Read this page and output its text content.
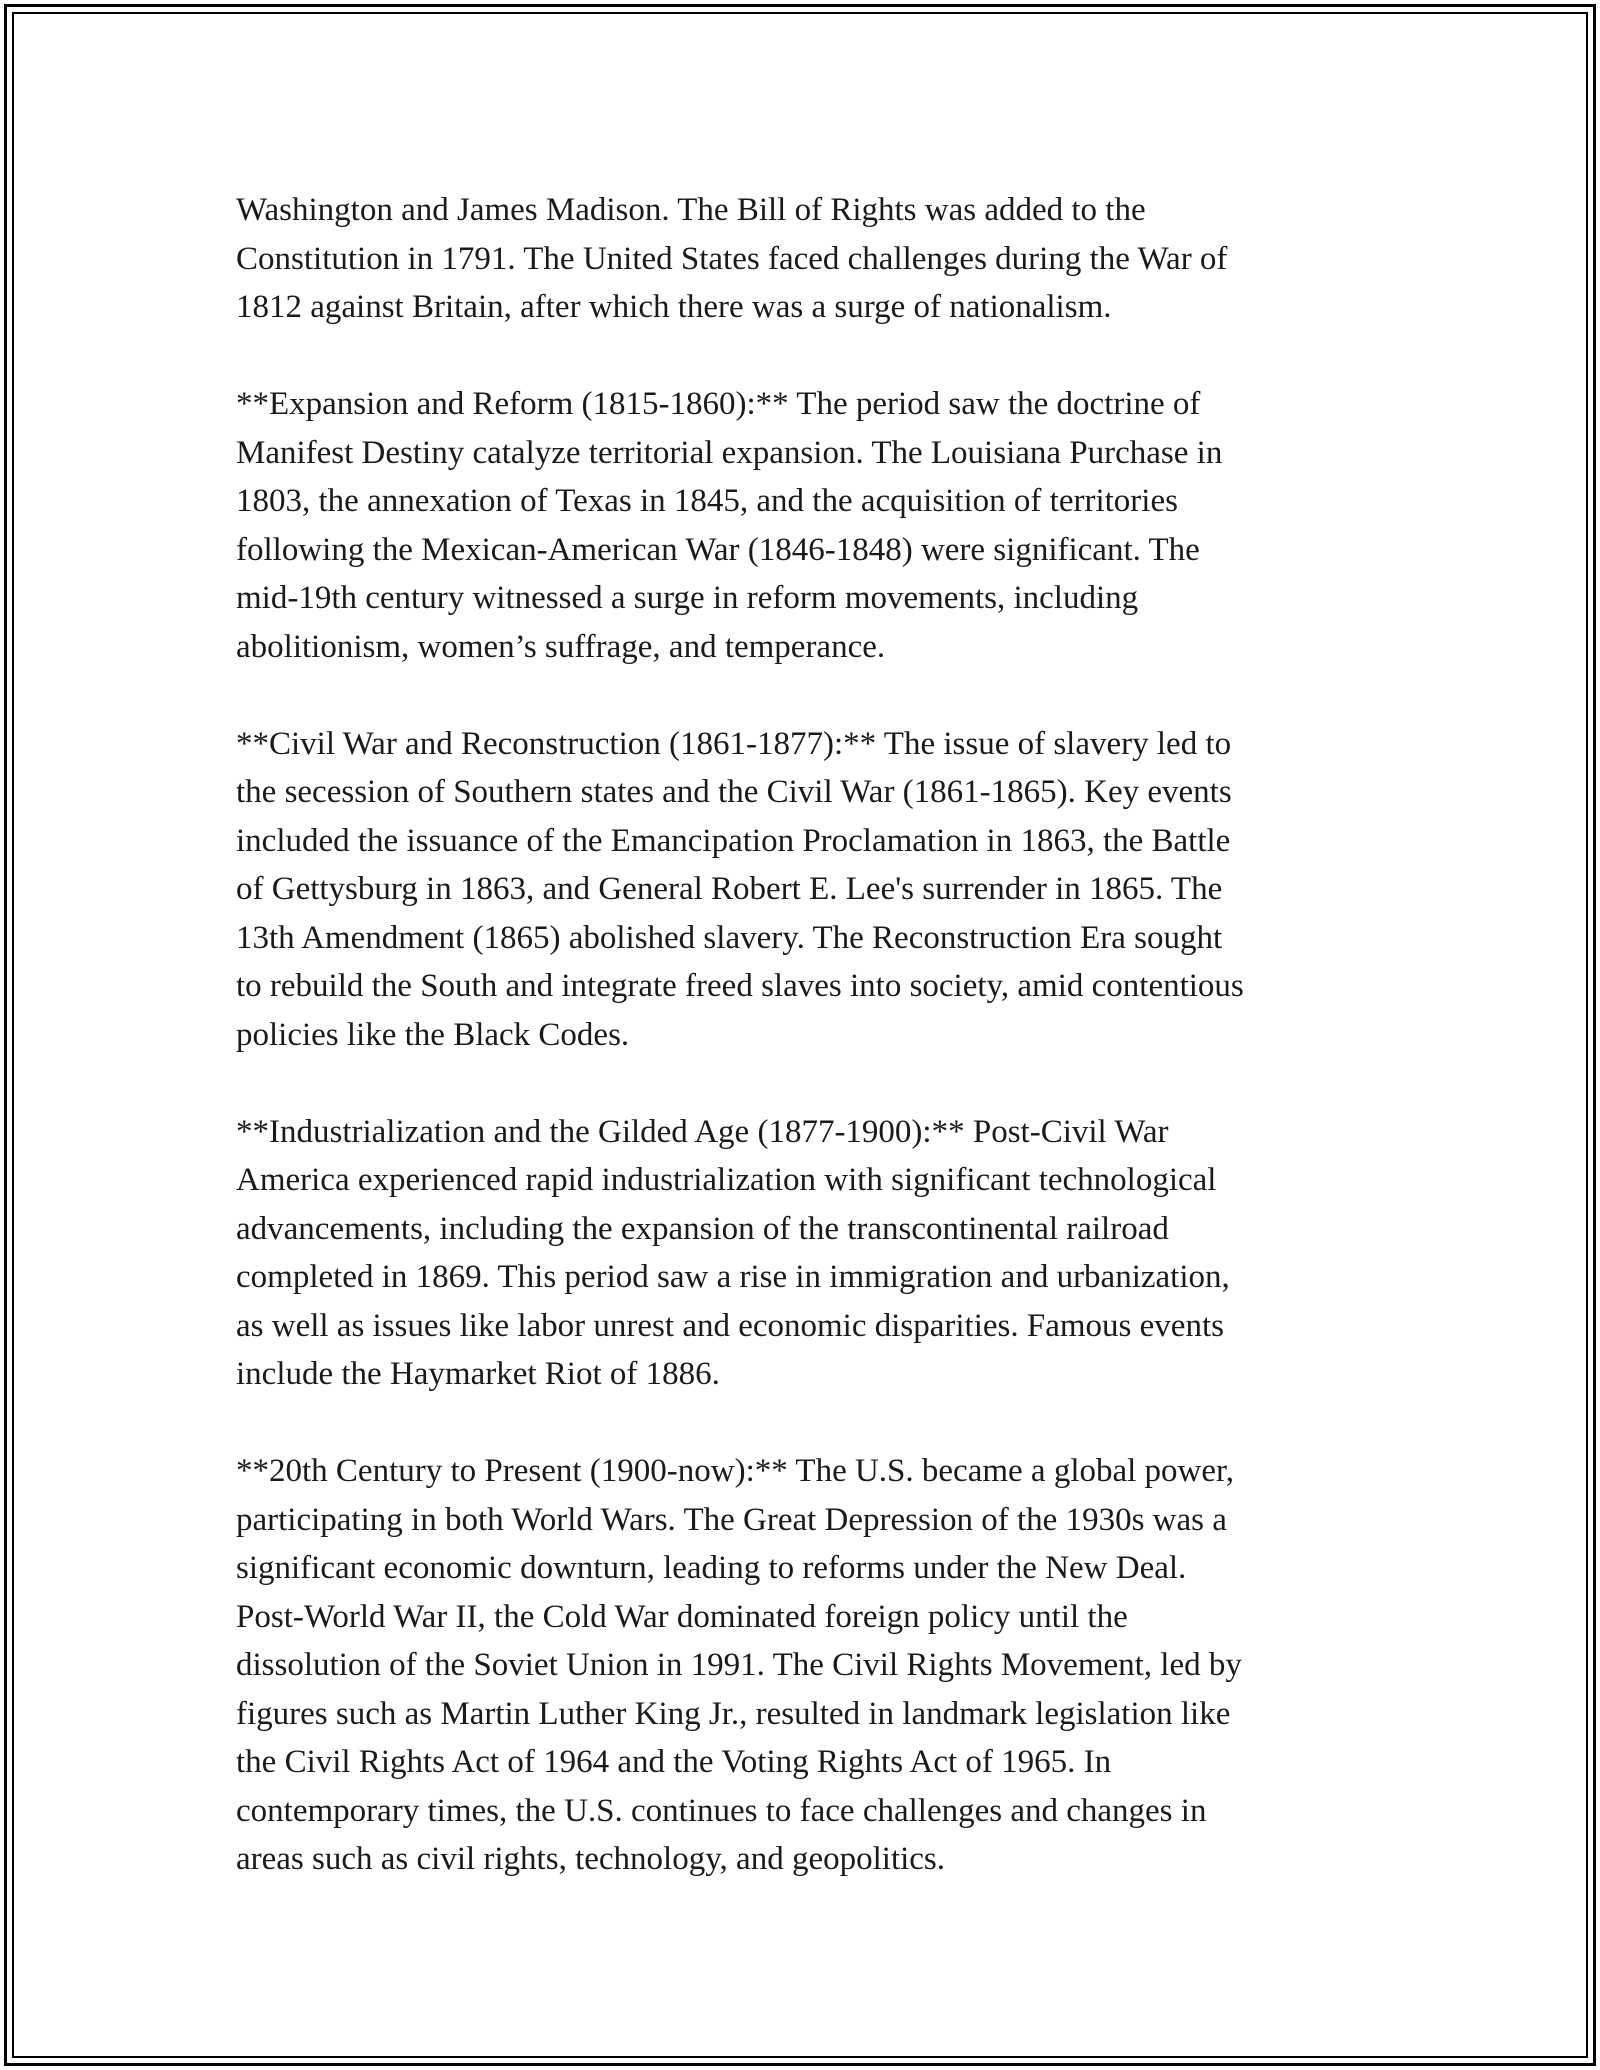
Washington and James Madison. The Bill of Rights was added to the
Constitution in 1791. The United States faced challenges during the War of
1812 against Britain, after which there was a surge of nationalism.

**Expansion and Reform (1815-1860):** The period saw the doctrine of
Manifest Destiny catalyze territorial expansion. The Louisiana Purchase in
1803, the annexation of Texas in 1845, and the acquisition of territories
following the Mexican-American War (1846-1848) were significant. The
mid-19th century witnessed a surge in reform movements, including
abolitionism, women’s suffrage, and temperance.

**Civil War and Reconstruction (1861-1877):** The issue of slavery led to
the secession of Southern states and the Civil War (1861-1865). Key events
included the issuance of the Emancipation Proclamation in 1863, the Battle
of Gettysburg in 1863, and General Robert E. Lee's surrender in 1865. The
13th Amendment (1865) abolished slavery. The Reconstruction Era sought
to rebuild the South and integrate freed slaves into society, amid contentious
policies like the Black Codes.

**Industrialization and the Gilded Age (1877-1900):** Post-Civil War
America experienced rapid industrialization with significant technological
advancements, including the expansion of the transcontinental railroad
completed in 1869. This period saw a rise in immigration and urbanization,
as well as issues like labor unrest and economic disparities. Famous events
include the Haymarket Riot of 1886.

**20th Century to Present (1900-now):** The U.S. became a global power,
participating in both World Wars. The Great Depression of the 1930s was a
significant economic downturn, leading to reforms under the New Deal.
Post-World War II, the Cold War dominated foreign policy until the
dissolution of the Soviet Union in 1991. The Civil Rights Movement, led by
figures such as Martin Luther King Jr., resulted in landmark legislation like
the Civil Rights Act of 1964 and the Voting Rights Act of 1965. In
contemporary times, the U.S. continues to face challenges and changes in
areas such as civil rights, technology, and geopolitics.
